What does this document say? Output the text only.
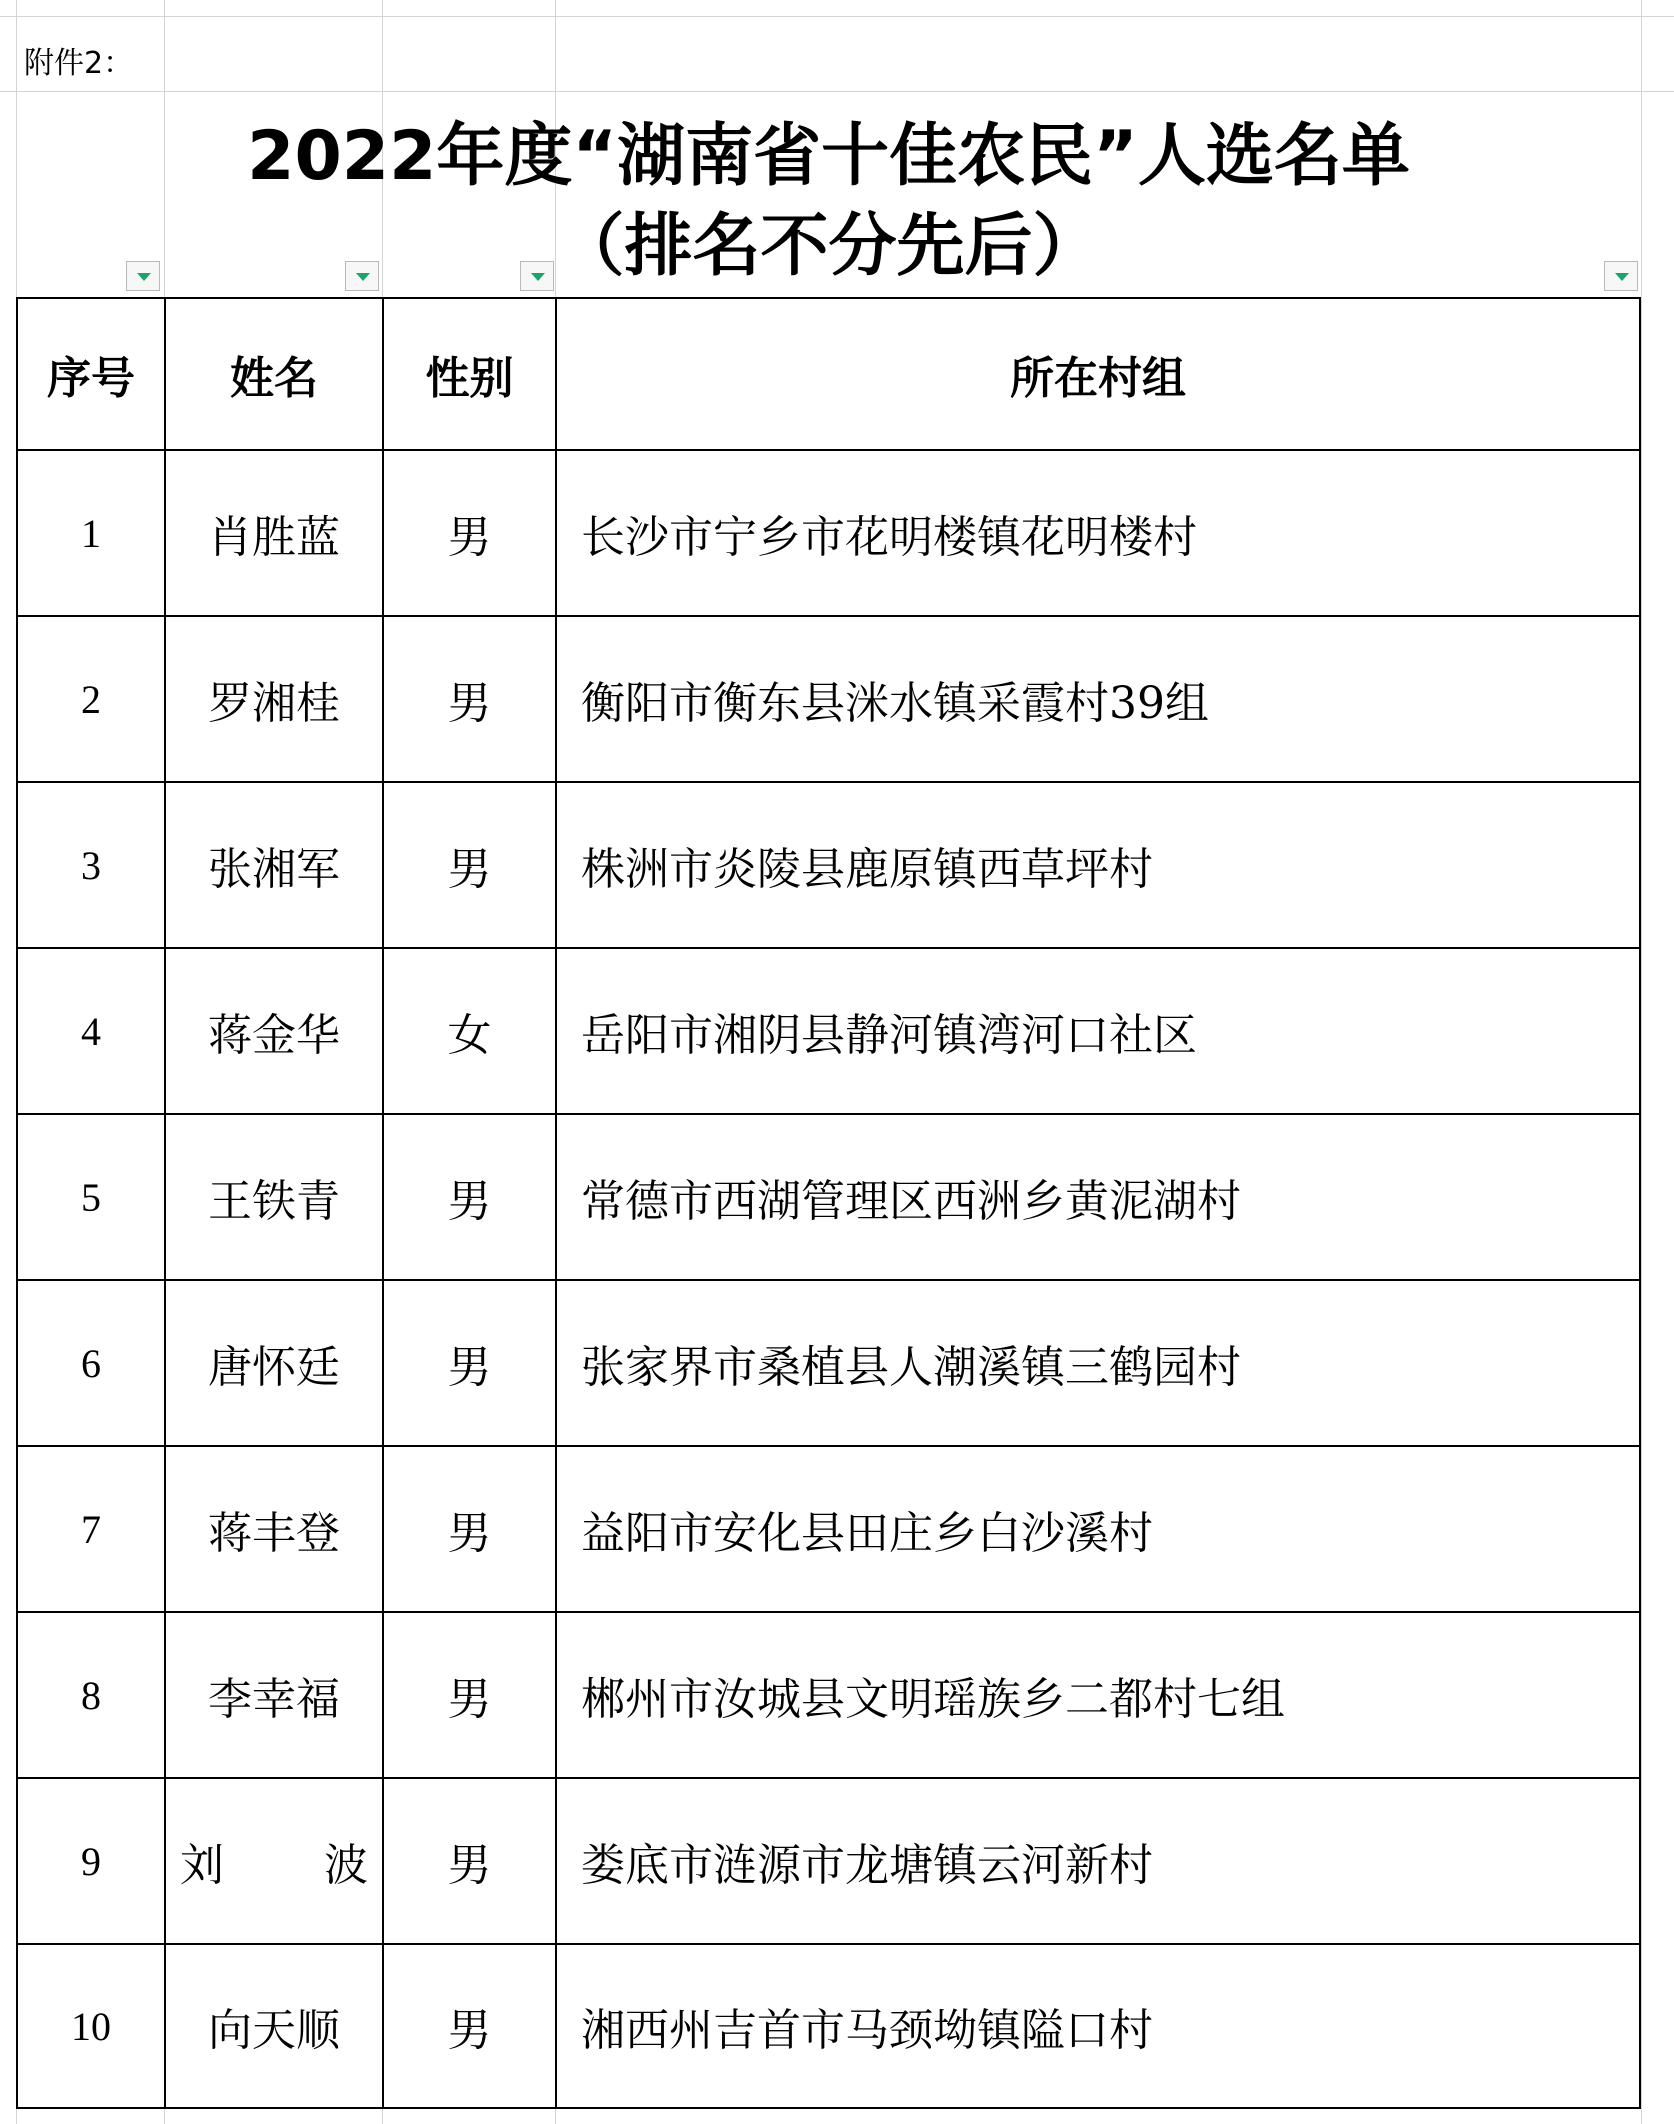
附件2：
2022年度“湖南省十佳农民”人选名单
（排名不分先后）
序号 姓名 性别	所在村组
1 肖胜蓝 男 长沙市宁乡市花明楼镇花明楼村
2 罗湘桂 男 衡阳市衡东县洣水镇采霞村39组
3 张湘军 男 株洲市炎陵县鹿原镇西草坪村
4 蒋金华 女 岳阳市湘阴县静河镇湾河口社区
5 王铁青 男 常德市西湖管理区西洲乡黄泥湖村
6 唐怀廷 男 张家界市桑植县人潮溪镇三鹤园村
7 蒋丰登 男 益阳市安化县田庄乡白沙溪村
8 李幸福 男 郴州市汝城县文明瑶族乡二都村七组
9 刘 波 男 娄底市涟源市龙塘镇云河新村
10 向天顺 男 湘西州吉首市马颈坳镇隘口村
